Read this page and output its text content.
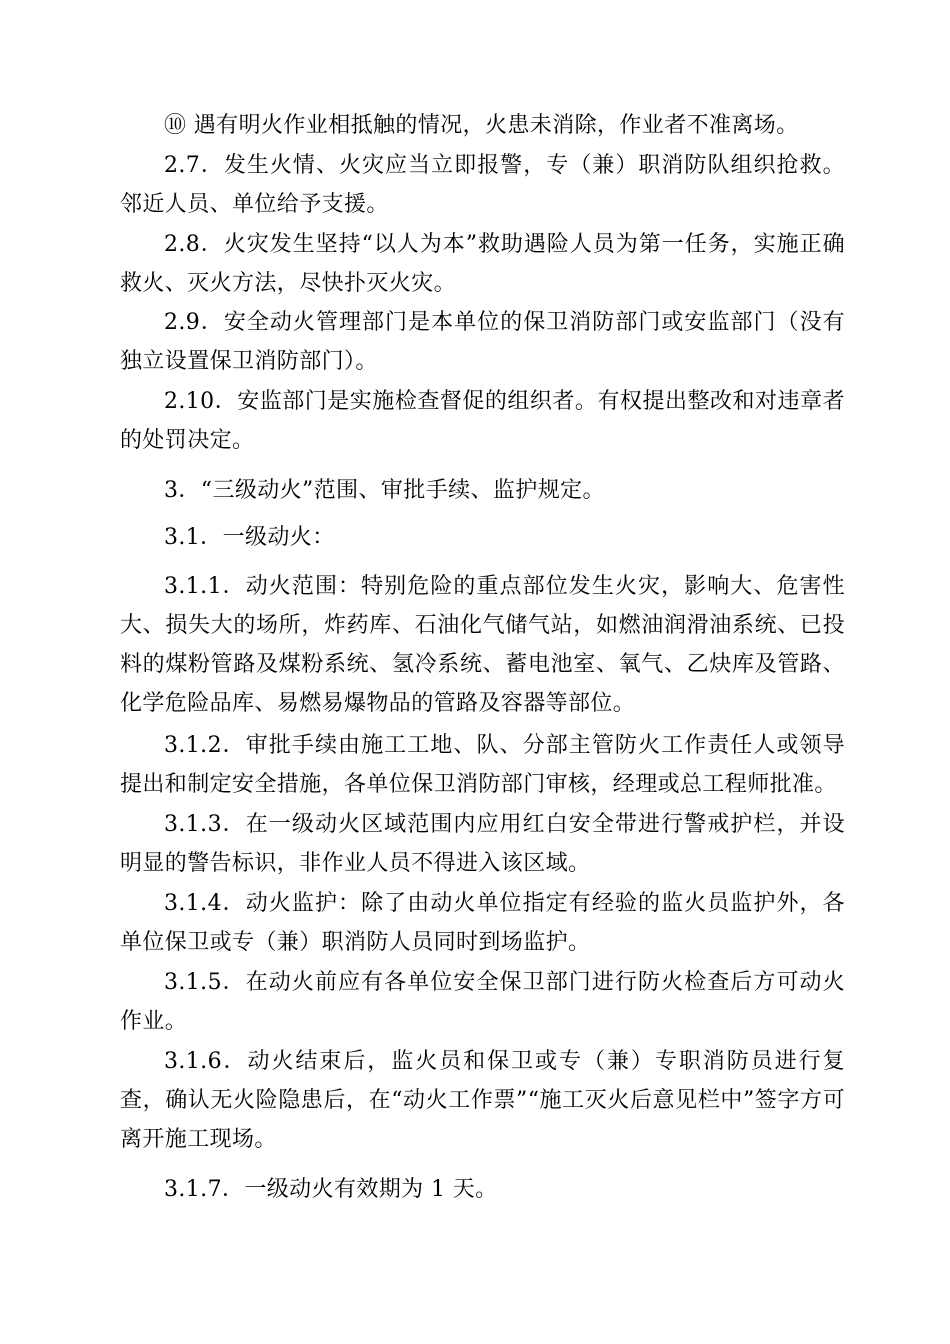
⑩ 遇有明火作业相抵触的情况，火患未消除，作业者不准离场。

2.7．发生火情、火灾应当立即报警，专（兼）职消防队组织抢救。邻近人员、单位给予支援。

2.8．火灾发生坚持“以人为本”救助遇险人员为第一任务，实施正确救火、灭火方法，尽快扑灭火灾。

2.9．安全动火管理部门是本单位的保卫消防部门或安监部门（没有独立设置保卫消防部门）。

2.10．安监部门是实施检查督促的组织者。有权提出整改和对违章者的处罚决定。

3．“三级动火”范围、审批手续、监护规定。

3.1．一级动火：

3.1.1．动火范围：特别危险的重点部位发生火灾，影响大、危害性大、损失大的场所，炸药库、石油化气储气站，如燃油润滑油系统、已投料的煤粉管路及煤粉系统、氢冷系统、蓄电池室、氧气、乙炔库及管路、化学危险品库、易燃易爆物品的管路及容器等部位。

3.1.2．审批手续由施工工地、队、分部主管防火工作责任人或领导提出和制定安全措施，各单位保卫消防部门审核，经理或总工程师批准。

3.1.3．在一级动火区域范围内应用红白安全带进行警戒护栏，并设明显的警告标识，非作业人员不得进入该区域。

3.1.4．动火监护：除了由动火单位指定有经验的监火员监护外，各单位保卫或专（兼）职消防人员同时到场监护。

3.1.5．在动火前应有各单位安全保卫部门进行防火检查后方可动火作业。

3.1.6．动火结束后，监火员和保卫或专（兼）专职消防员进行复查，确认无火险隐患后，在“动火工作票”“施工灭火后意见栏中”签字方可离开施工现场。

3.1.7．一级动火有效期为 1 天。
